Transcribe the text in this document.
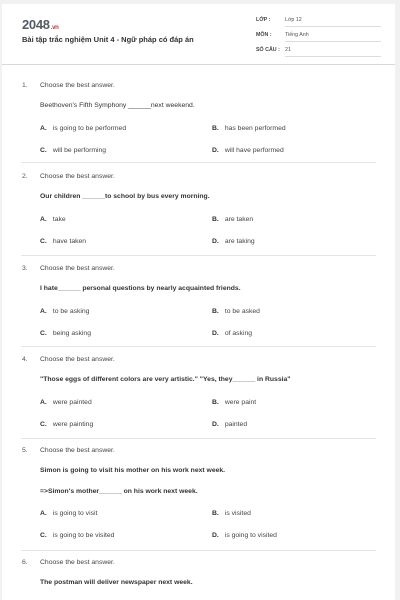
2048.vn
Bài tập trắc nghiệm Unit 4 - Ngữ pháp có đáp án
LỚP :	Lớp 12
MÔN :	Tiếng Anh
SỐ CÂU : 21
1. Choose the best answer.
Beethoven's Fifth Symphony ______next weekend.
A. is going to be performed	B. has been performed
C. will be performing	D. will have performed
2. Choose the best answer.
Our children ______to school by bus every morning.
A. take	B. are taken
C. have taken	D. are taking
3. Choose the best answer.
I hate______ personal questions by nearly acquainted friends.
A. to be asking	B. to be asked
C. being asking	D. of asking
4. Choose the best answer.
"Those eggs of different colors are very artistic." "Yes, they______ in Russia"
A. were painted	B. were paint
C. were painting	D. painted
5. Choose the best answer.
Simon is going to visit his mother on his work next week.
=>Simon's mother______ on his work next week.
A. is going to visit	B. is visited
C. is going to be visited	D. is going to visited
6. Choose the best answer.
The postman will deliver newspaper next week.
